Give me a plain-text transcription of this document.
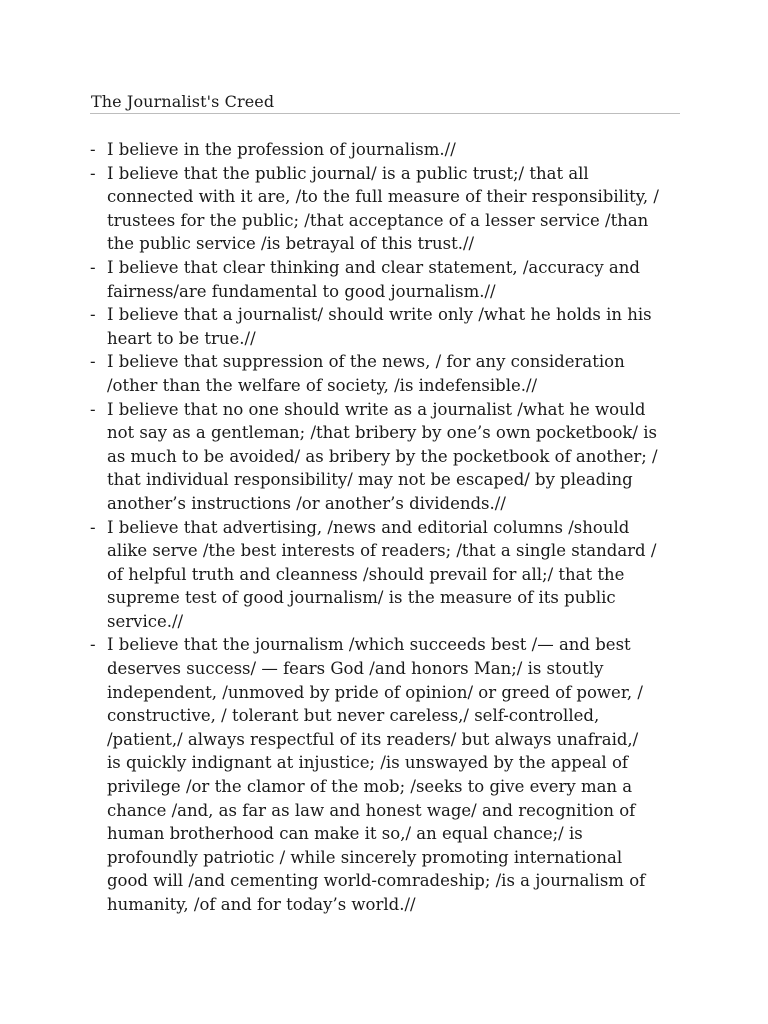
The Journalist's Creed
- I believe in the profession of journalism.//
- I believe that the public journal/ is a public trust;/ that all
connected with it are, /to the full measure of their responsibility, /
trustees for the public; /that acceptance of a lesser service /than
the public service /is betrayal of this trust.//
- I believe that clear thinking and clear statement, /accuracy and
fairness/are fundamental to good journalism.//
- I believe that a journalist/ should write only /what he holds in his
heart to be true.//
- I believe that suppression of the news, / for any consideration
/other than the welfare of society, /is indefensible.//
- I believe that no one should write as a journalist /what he would
not say as a gentleman; /that bribery by one’s own pocketbook/ is
as much to be avoided/ as bribery by the pocketbook of another; /
that individual responsibility/ may not be escaped/ by pleading
another’s instructions /or another’s dividends.//
- I believe that advertising, /news and editorial columns /should
alike serve /the best interests of readers; /that a single standard /
of helpful truth and cleanness /should prevail for all;/ that the
supreme test of good journalism/ is the measure of its public
service.//
- I believe that the journalism /which succeeds best /— and best
deserves success/ — fears God /and honors Man;/ is stoutly
independent, /unmoved by pride of opinion/ or greed of power, /
constructive, / tolerant but never careless,/ self-controlled,
/patient,/ always respectful of its readers/ but always unafraid,/
is quickly indignant at injustice; /is unswayed by the appeal of
privilege /or the clamor of the mob; /seeks to give every man a
chance /and, as far as law and honest wage/ and recognition of
human brotherhood can make it so,/ an equal chance;/ is
profoundly patriotic / while sincerely promoting international
good will /and cementing world-comradeship; /is a journalism of
humanity, /of and for today’s world.//
